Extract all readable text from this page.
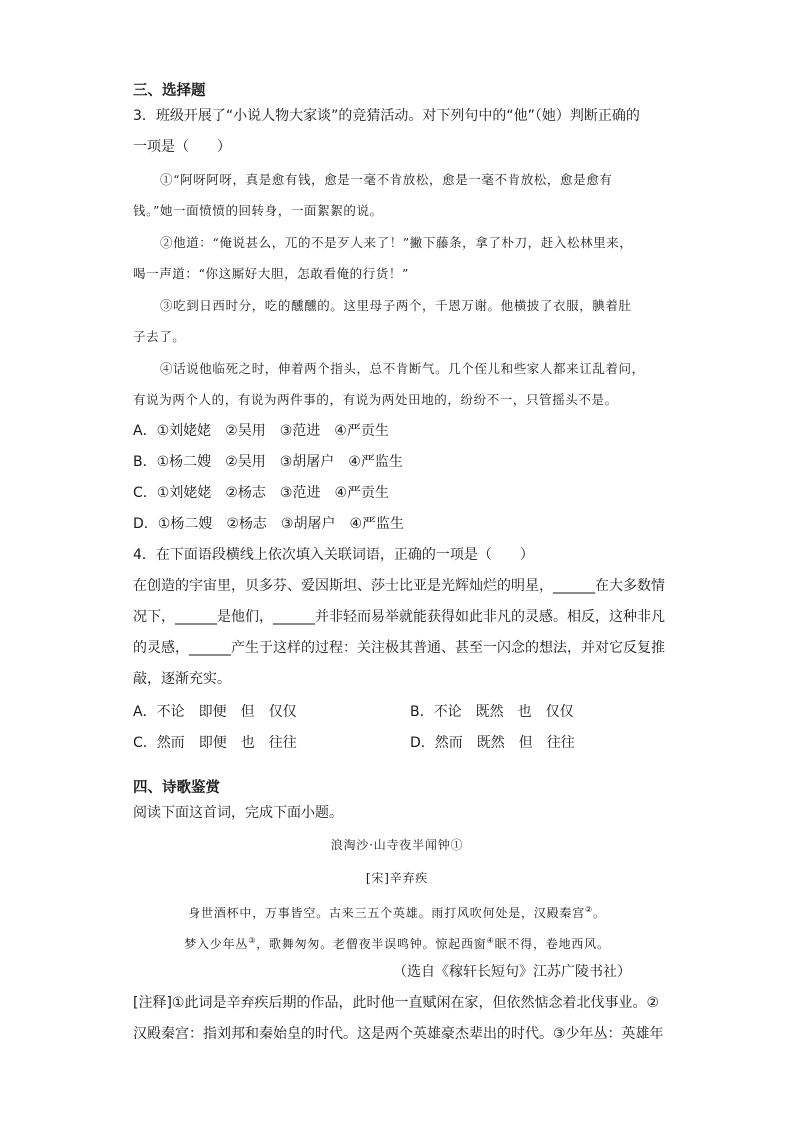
三、选择题
3．班级开展了“小说人物大家谈”的竞猜活动。对下列句中的“他”（她）判断正确的
一项是（　　）
①“阿呀阿呀，真是愈有钱，愈是一毫不肯放松，愈是一毫不肯放松，愈是愈有
钱。”她一面愤愤的回转身，一面絮絮的说。
②他道：“俺说甚么，兀的不是歹人来了！”撇下藤条，拿了朴刀，赶入松林里来，
喝一声道：“你这厮好大胆，怎敢看俺的行货！”
③吃到日西时分，吃的醺醺的。这里母子两个，千恩万谢。他横披了衣服，腆着肚
子去了。
④话说他临死之时，伸着两个指头，总不肯断气。几个侄儿和些家人都来讧乱着问，
有说为两个人的，有说为两件事的，有说为两处田地的，纷纷不一，只管摇头不是。
A．①刘姥姥 ②吴用 ③范进 ④严贡生
B．①杨二嫂 ②吴用 ③胡屠户 ④严监生
C．①刘姥姥 ②杨志 ③范进 ④严贡生
D．①杨二嫂 ②杨志 ③胡屠户 ④严监生
4．在下面语段横线上依次填入关联词语，正确的一项是（　　）
在创造的宇宙里，贝多芬、爱因斯坦、莎士比亚是光辉灿烂的明星，______在大多数情
况下，______是他们，______并非轻而易举就能获得如此非凡的灵感。相反，这种非凡
的灵感，______产生于这样的过程：关注极其普通、甚至一闪念的想法，并对它反复推
敲，逐渐充实。
A．不论　即便　但　仅仅	B．不论　既然　也　仅仅
C．然而　即便　也　往往	D．然而　既然　但　往往
四、诗歌鉴赏
阅读下面这首词，完成下面小题。
浪淘沙·山寺夜半闻钟①
[宋]辛弃疾
身世酒杯中，万事皆空。古来三五个英雄。雨打风吹何处是，汉殿秦宫②。
梦入少年丛③，歌舞匆匆。老僧夜半误鸣钟。惊起西窗④眠不得，卷地西风。
（选自《稼轩长短句》江苏广陵书社）
[注释]①此词是辛弃疾后期的作品，此时他一直赋闲在家，但依然惦念着北伐事业。②
汉殿秦宫：指刘邦和秦始皇的时代。这是两个英雄豪杰辈出的时代。③少年丛：英雄年
